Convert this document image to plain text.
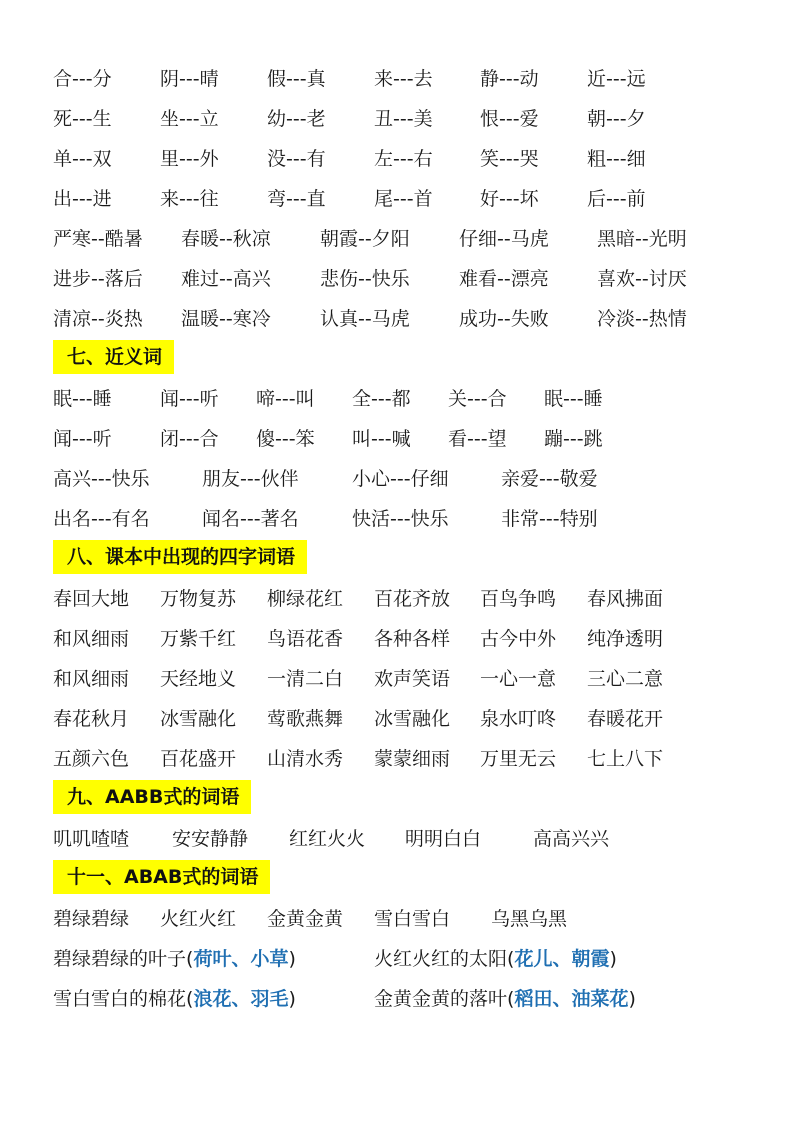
合---分	阴---晴	假---真	来---去 静---动	近---远
死---生	坐---立	幼---老	丑---美 恨---爱	朝---夕
单---双	里---外	没---有	左---右 笑---哭	粗---细
出---进	来---往	弯---直	尾---首 好---坏	后---前
严寒--酷暑 春暖--秋凉	朝霞--夕阳	仔细--马虎	黑暗--光明
进步--落后 难过--高兴	悲伤--快乐	难看--漂亮	喜欢--讨厌
清凉--炎热 温暖--寒冷	认真--马虎	成功--失败	冷淡--热情
七、近义词
眠---睡	闻---听 啼---叫 全---都 关---合 眠---睡
闻---听	闭---合 傻---笨 叫---喊 看---望 蹦---跳
高兴---快乐	朋友---伙伴	小心---仔细	亲爱---敬爱
出名---有名	闻名---著名	快活---快乐	非常---特别
八、课本中出现的四字词语
春回大地 万物复苏 柳绿花红 百花齐放 百鸟争鸣 春风拂面
和风细雨 万紫千红 鸟语花香 各种各样 古今中外 纯净透明
和风细雨 天经地义 一清二白 欢声笑语 一心一意 三心二意
春花秋月 冰雪融化 莺歌燕舞 冰雪融化 泉水叮咚 春暖花开
五颜六色 百花盛开 山清水秀 蒙蒙细雨 万里无云 七上八下
九、AABB式的词语
叽叽喳喳 安安静静 红红火火 明明白白	高高兴兴
十一、ABAB式的词语
碧绿碧绿 火红火红 金黄金黄 雪白雪白 乌黑乌黑
碧绿碧绿的叶子(荷叶、小草)	火红火红的太阳(花儿、朝霞)
雪白雪白的棉花(浪花、羽毛)	金黄金黄的落叶(稻田、油菜花)
